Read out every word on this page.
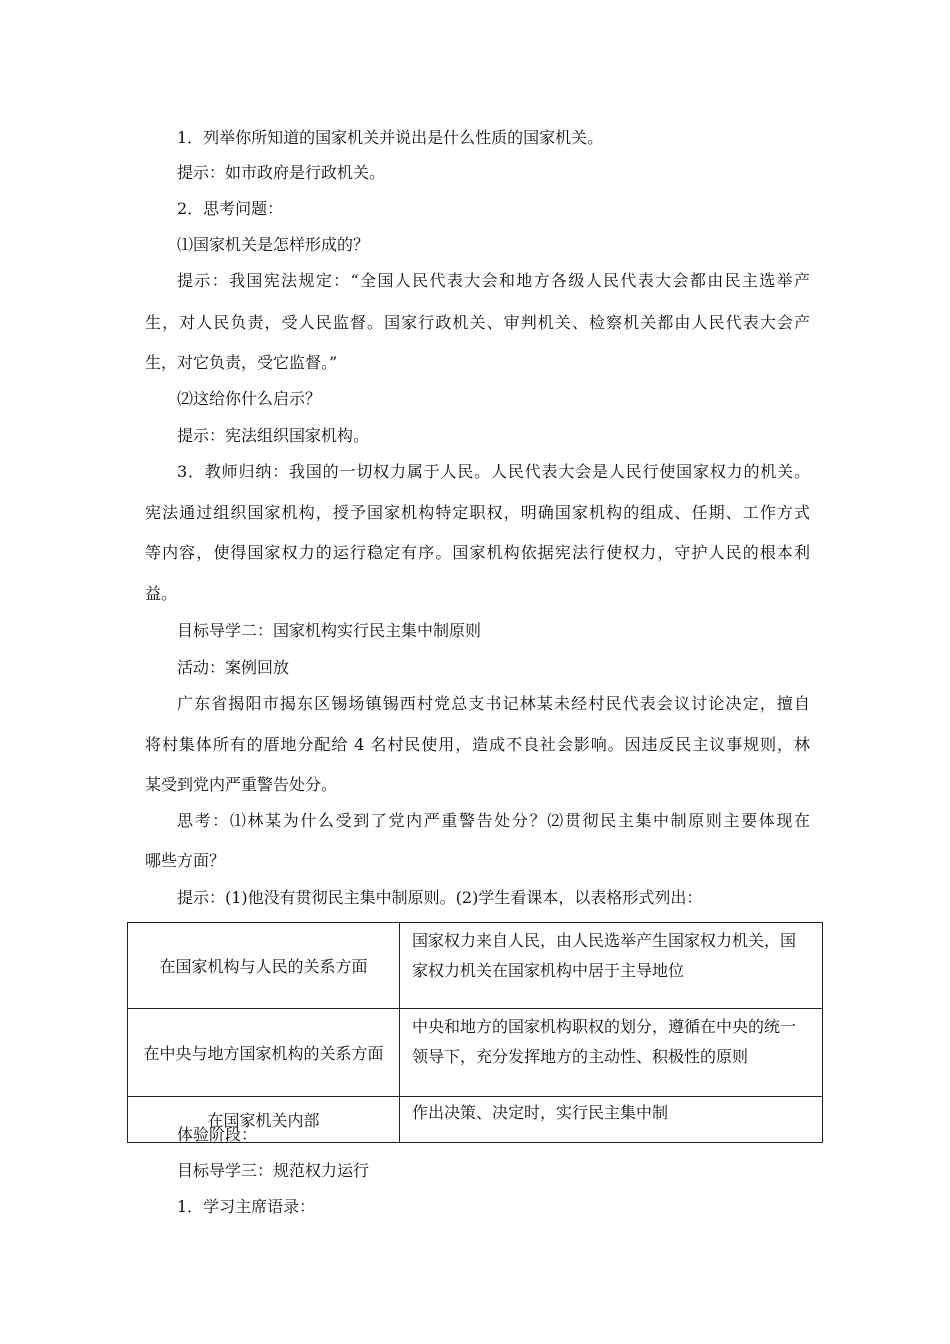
1．列举你所知道的国家机关并说出是什么性质的国家机关。
提示：如市政府是行政机关。
2．思考问题：
⑴国家机关是怎样形成的？
提示：我国宪法规定：“全国人民代表大会和地方各级人民代表大会都由民主选举产
生，对人民负责，受人民监督。国家行政机关、审判机关、检察机关都由人民代表大会产
生，对它负责，受它监督。”
⑵这给你什么启示？
提示：宪法组织国家机构。
3．教师归纳：我国的一切权力属于人民。人民代表大会是人民行使国家权力的机关。
宪法通过组织国家机构，授予国家机构特定职权，明确国家机构的组成、任期、工作方式
等内容，使得国家权力的运行稳定有序。国家机构依据宪法行使权力，守护人民的根本利
益。
目标导学二：国家机构实行民主集中制原则
活动：案例回放
广东省揭阳市揭东区锡场镇锡西村党总支书记林某未经村民代表会议讨论决定，擅自
将村集体所有的厝地分配给 4 名村民使用，造成不良社会影响。因违反民主议事规则，林
某受到党内严重警告处分。
思考：⑴林某为什么受到了党内严重警告处分？⑵贯彻民主集中制原则主要体现在
哪些方面？
提示：(1)他没有贯彻民主集中制原则。(2)学生看课本，以表格形式列出：
在国家机构与人民的关系方面	国家权力来自人民，由人民选举产生国家权力机关，国
家权力机关在国家机构中居于主导地位

在中央与地方国家机构的关系方面	中央和地方的国家机构职权的划分，遵循在中央的统一
领导下，充分发挥地方的主动性、积极性的原则

在国家机关内部	作出决策、决定时，实行民主集中制
体验阶段：
目标导学三：规范权力运行
1．学习主席语录：
